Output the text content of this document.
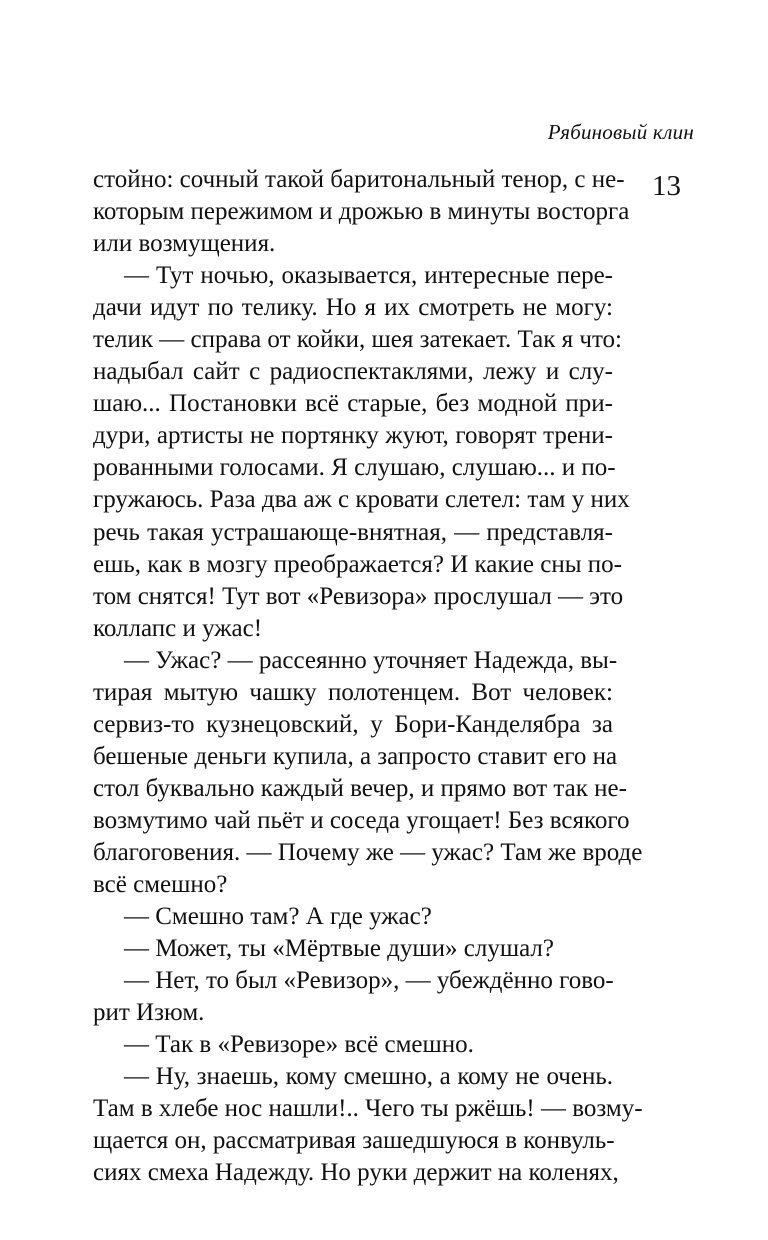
Рябиновый клин
13
стойно: сочный такой баритональный тенор, с не-
которым пережимом и дрожью в минуты восторга
или возмущения.
— Тут ночью, оказывается, интересные пере-
дачи идут по телику. Но я их смотреть не могу:
телик — справа от койки, шея затекает. Так я что:
надыбал сайт с радиоспектаклями, лежу и слу-
шаю... Постановки всё старые, без модной при-
дури, артисты не портянку жуют, говорят трени-
рованными голосами. Я слушаю, слушаю... и по-
гружаюсь. Раза два аж с кровати слетел: там у них
речь такая устрашающе-внятная, — представля-
ешь, как в мозгу преображается? И какие сны по-
том снятся! Тут вот «Ревизора» прослушал — это
коллапс и ужас!
— Ужас? — рассеянно уточняет Надежда, вы-
тирая мытую чашку полотенцем. Вот человек:
сервиз-то кузнецовский, у Бори-Канделябра за
бешеные деньги купила, а запросто ставит его на
стол буквально каждый вечер, и прямо вот так не-
возмутимо чай пьёт и соседа угощает! Без всякого
благоговения. — Почему же — ужас? Там же вроде
всё смешно?
— Смешно там? А где ужас?
— Может, ты «Мёртвые души» слушал?
— Нет, то был «Ревизор», — убеждённо гово-
рит Изюм.
— Так в «Ревизоре» всё смешно.
— Ну, знаешь, кому смешно, а кому не очень.
Там в хлебе нос нашли!.. Чего ты ржёшь! — возму-
щается он, рассматривая зашедшуюся в конвуль-
сиях смеха Надежду. Но руки держит на коленях,
